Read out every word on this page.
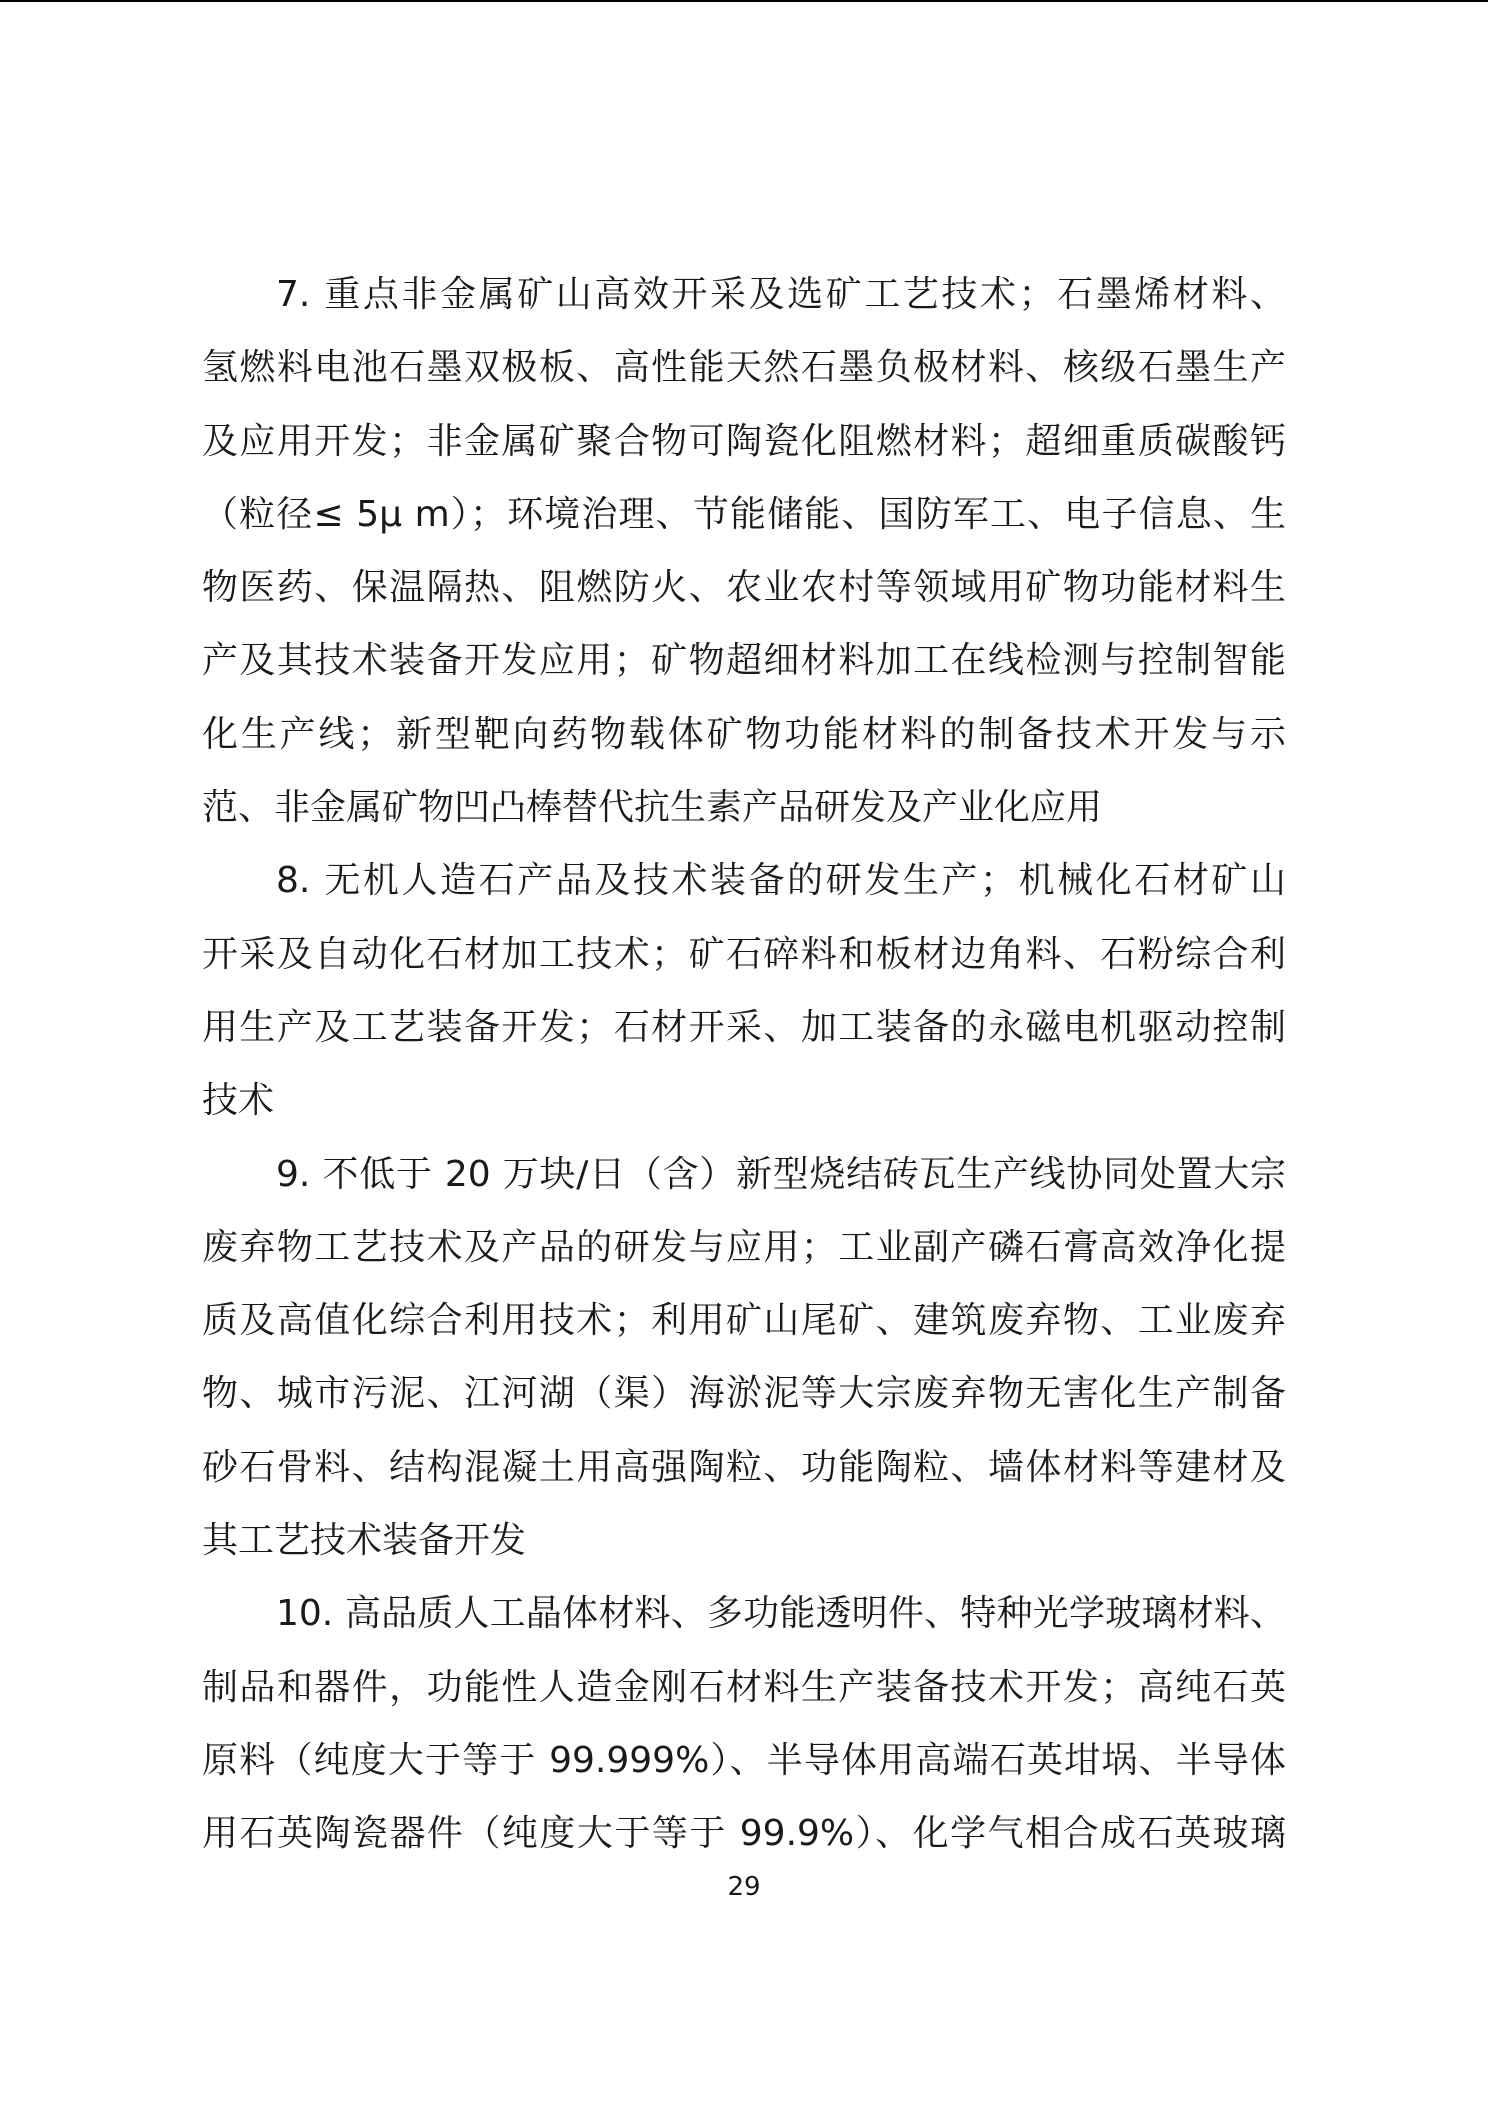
7. 重点非金属矿山高效开采及选矿工艺技术；石墨烯材料、
氢燃料电池石墨双极板、高性能天然石墨负极材料、核级石墨生产
及应用开发；非金属矿聚合物可陶瓷化阻燃材料；超细重质碳酸钙
（粒径≤ 5μ m）；环境治理、节能储能、国防军工、电子信息、生
物医药、保温隔热、阻燃防火、农业农村等领域用矿物功能材料生
产及其技术装备开发应用；矿物超细材料加工在线检测与控制智能
化生产线；新型靶向药物载体矿物功能材料的制备技术开发与示
范、非金属矿物凹凸棒替代抗生素产品研发及产业化应用
8. 无机人造石产品及技术装备的研发生产；机械化石材矿山
开采及自动化石材加工技术；矿石碎料和板材边角料、石粉综合利
用生产及工艺装备开发；石材开采、加工装备的永磁电机驱动控制
技术
9. 不低于 20 万块/日（含）新型烧结砖瓦生产线协同处置大宗
废弃物工艺技术及产品的研发与应用；工业副产磷石膏高效净化提
质及高值化综合利用技术；利用矿山尾矿、建筑废弃物、工业废弃
物、城市污泥、江河湖（渠）海淤泥等大宗废弃物无害化生产制备
砂石骨料、结构混凝土用高强陶粒、功能陶粒、墙体材料等建材及
其工艺技术装备开发
10. 高品质人工晶体材料、多功能透明件、特种光学玻璃材料、
制品和器件，功能性人造金刚石材料生产装备技术开发；高纯石英
原料（纯度大于等于 99.999%）、半导体用高端石英坩埚、半导体
用石英陶瓷器件（纯度大于等于 99.9%）、化学气相合成石英玻璃
29
